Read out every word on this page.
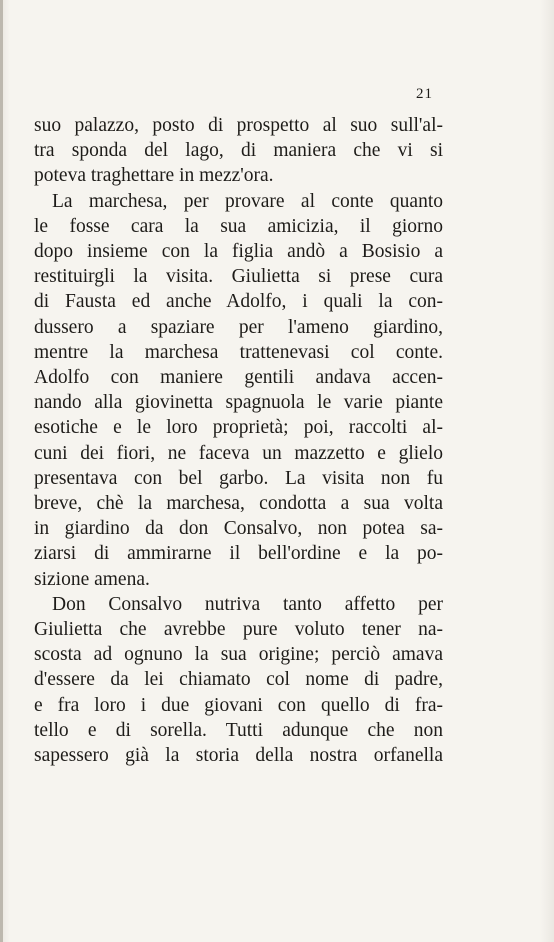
21

suo palazzo, posto di prospetto al suo sull'al-
tra sponda del lago, di maniera che vi si
poteva traghettare in mezz'ora.

La marchesa, per provare al conte quanto
le fosse cara la sua amicizia, il giorno
dopo insieme con la figlia andò a Bosisio a
restituirgli la visita. Giulietta si prese cura
di Fausta ed anche Adolfo, i quali la con-
dussero a spaziare per l'ameno giardino,
mentre la marchesa trattenevasi col conte.
Adolfo con maniere gentili andava accen-
nando alla giovinetta spagnuola le varie piante
esotiche e le loro proprietà; poi, raccolti al-
cuni dei fiori, ne faceva un mazzetto e glielo
presentava con bel garbo. La visita non fu
breve, chè la marchesa, condotta a sua volta
in giardino da don Consalvo, non potea sa-
ziarsi di ammirarne il bell'ordine e la po-
sizione amena.

Don Consalvo nutriva tanto affetto per
Giulietta che avrebbe pure voluto tener na-
scosta ad ognuno la sua origine; perciò amava
d'essere da lei chiamato col nome di padre,
e fra loro i due giovani con quello di fra-
tello e di sorella. Tutti adunque che non
sapessero già la storia della nostra orfanella
